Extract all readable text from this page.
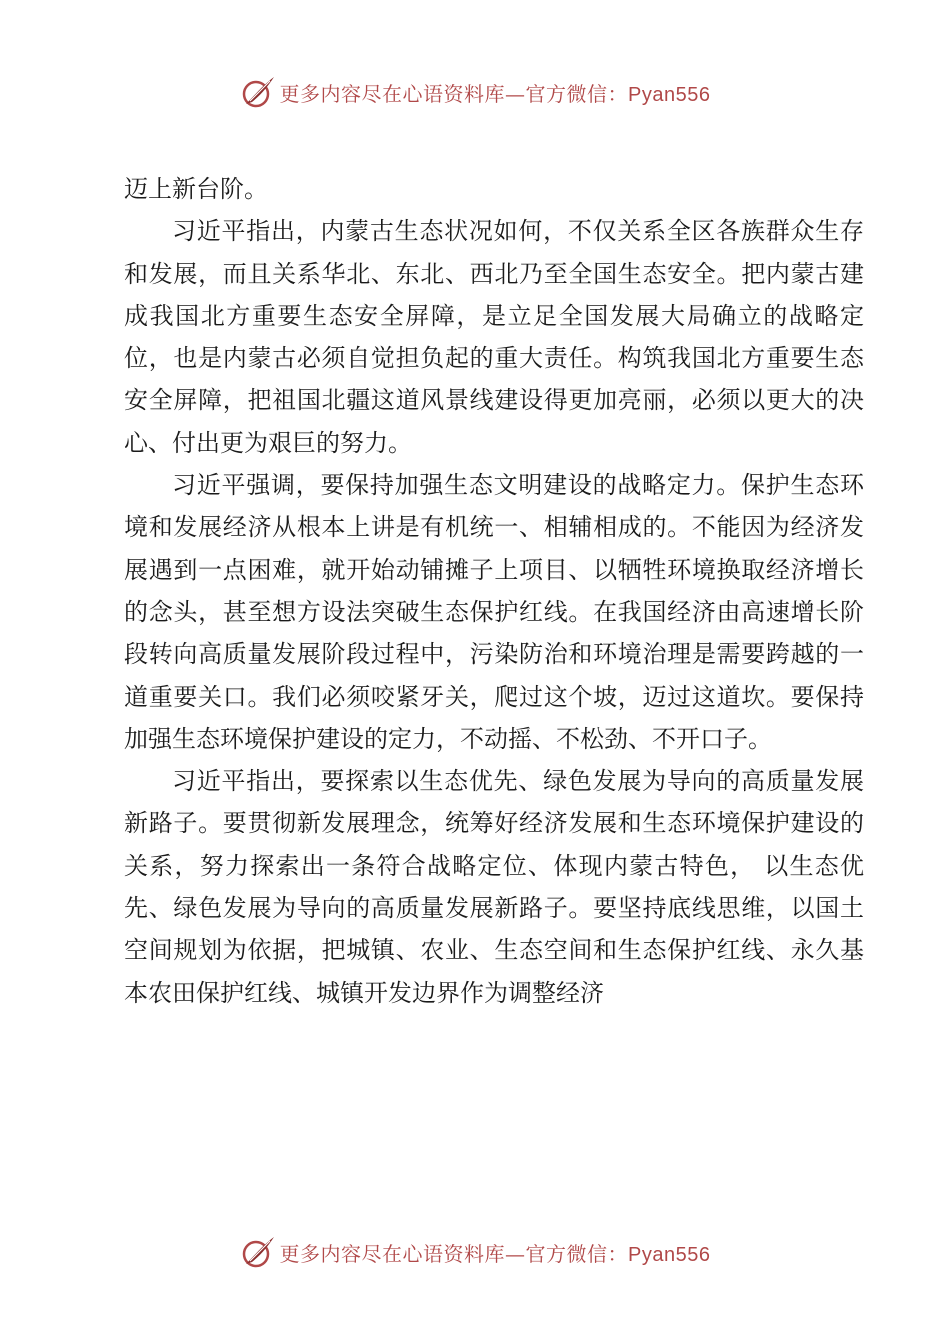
更多内容尽在心语资料库—官方微信：Pyan556

迈上新台阶。

习近平指出，内蒙古生态状况如何，不仅关系全区各族群众生存和发展，而且关系华北、东北、西北乃至全国生态安全。把内蒙古建成我国北方重要生态安全屏障，是立足全国发展大局确立的战略定位，也是内蒙古必须自觉担负起的重大责任。构筑我国北方重要生态安全屏障，把祖国北疆这道风景线建设得更加亮丽，必须以更大的决心、付出更为艰巨的努力。

习近平强调，要保持加强生态文明建设的战略定力。保护生态环境和发展经济从根本上讲是有机统一、相辅相成的。不能因为经济发展遇到一点困难，就开始动铺摊子上项目、以牺牲环境换取经济增长的念头，甚至想方设法突破生态保护红线。在我国经济由高速增长阶段转向高质量发展阶段过程中，污染防治和环境治理是需要跨越的一道重要关口。我们必须咬紧牙关，爬过这个坡，迈过这道坎。要保持加强生态环境保护建设的定力，不动摇、不松劲、不开口子。

习近平指出，要探索以生态优先、绿色发展为导向的高质量发展新路子。要贯彻新发展理念，统筹好经济发展和生态环境保护建设的关系，努力探索出一条符合战略定位、体现内蒙古特色， 以生态优先、绿色发展为导向的高质量发展新路子。要坚持底线思维，以国土空间规划为依据，把城镇、农业、生态空间和生态保护红线、永久基本农田保护红线、城镇开发边界作为调整经济

更多内容尽在心语资料库—官方微信：Pyan556
